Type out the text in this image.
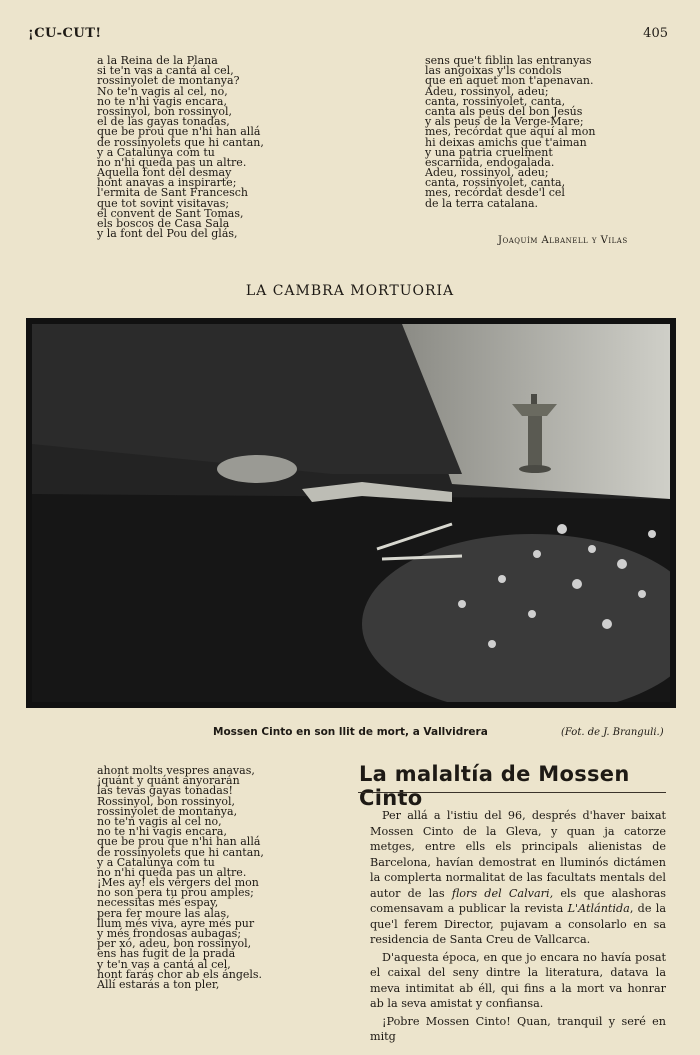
¡CU-CUT!	405
a la Reina de la Plana
si te'n vas a cantá al cel,
rossinyolet de montanya?
No te'n vagis al cel, no,
no te n'hi vagis encara,
rossinyol, bon rossinyol,
el de las gayas tonadas,
que be prou que n'hi han allá
de rossinyolets que hi cantan,
y a Catalunya com tu
no n'hi queda pas un altre.
Aquella font del desmay
hont anavas a inspirarte;
l'ermita de Sant Francesch
que tot sovint visitavas;
el convent de Sant Tomas,
els boscos de Casa Sala
y la font del Pou del glás,
sens que't fiblin las entranyas
las angoixas y'ls condols
que en aquet mon t'apenavan.
Adeu, rossinyol, adeu;
canta, rossinyolet, canta,
canta als peus del bon Jesús
y als peus de la Verge-Mare;
mes, recórdat que aquí al mon
hi deixas amichs que t'aiman
y una patria cruelment
escarnida, endogalada.
Adeu, rossinyol, adeu;
canta, rossinyolet, canta,
mes, recórdat desde'l cel
de la terra catalana.
Joaquím Albanell y Vilas
LA CAMBRA MORTUORIA
Mossen Cinto en son llit de mort, a Vallvidrera	(Fot. de J. Branguli.)
ahont molts vespres anavas,
¡quánt y quánt anyorarán
las tevas gayas tonadas!
Rossinyol, bon rossinyol,
rossinyolet de montanya,
no te'n vagis al cel no,
no te n'hi vagis encara,
que be prou que n'hi han allá
de rossinyolets que hi cantan,
y a Catalunya com tu
no n'hi queda pas un altre.
¡Mes ay! els vergers del mon
no son pera tu prou amples;
necessitas més espay,
pera fer moure las alas,
llum més viva, ayre més pur
y més frondosas aubagas;
per xó, adeu, bon rossinyol,
ens has fugit de la prada
y te'n vas a cantá al cel,
hont farás chor ab els ángels.
Allí estarás a ton pler,
La malaltía de Mossen Cinto

Per allá a l'istiu del 96, després d'haver baixat Mossen Cinto de la Gleva, y quan ja catorze metges, entre ells els principals alienistas de Barcelona, havían demostrat en lluminós dictámen la complerta normalitat de las facultats mentals del autor de las flors del Calvari, els que alashoras comensavam a publicar la revista L'Atlántida, de la que'l ferem Director, pujavam a consolarlo en sa residencia de Santa Creu de Vallcarca.

D'aquesta época, en que jo encara no havía posat el caixal del seny dintre la literatura, datava la meva intimitat ab éll, qui fins a la mort va honrar ab la seva amistat y confiansa.

¡Pobre Mossen Cinto! Quan, tranquil y seré en mitg
